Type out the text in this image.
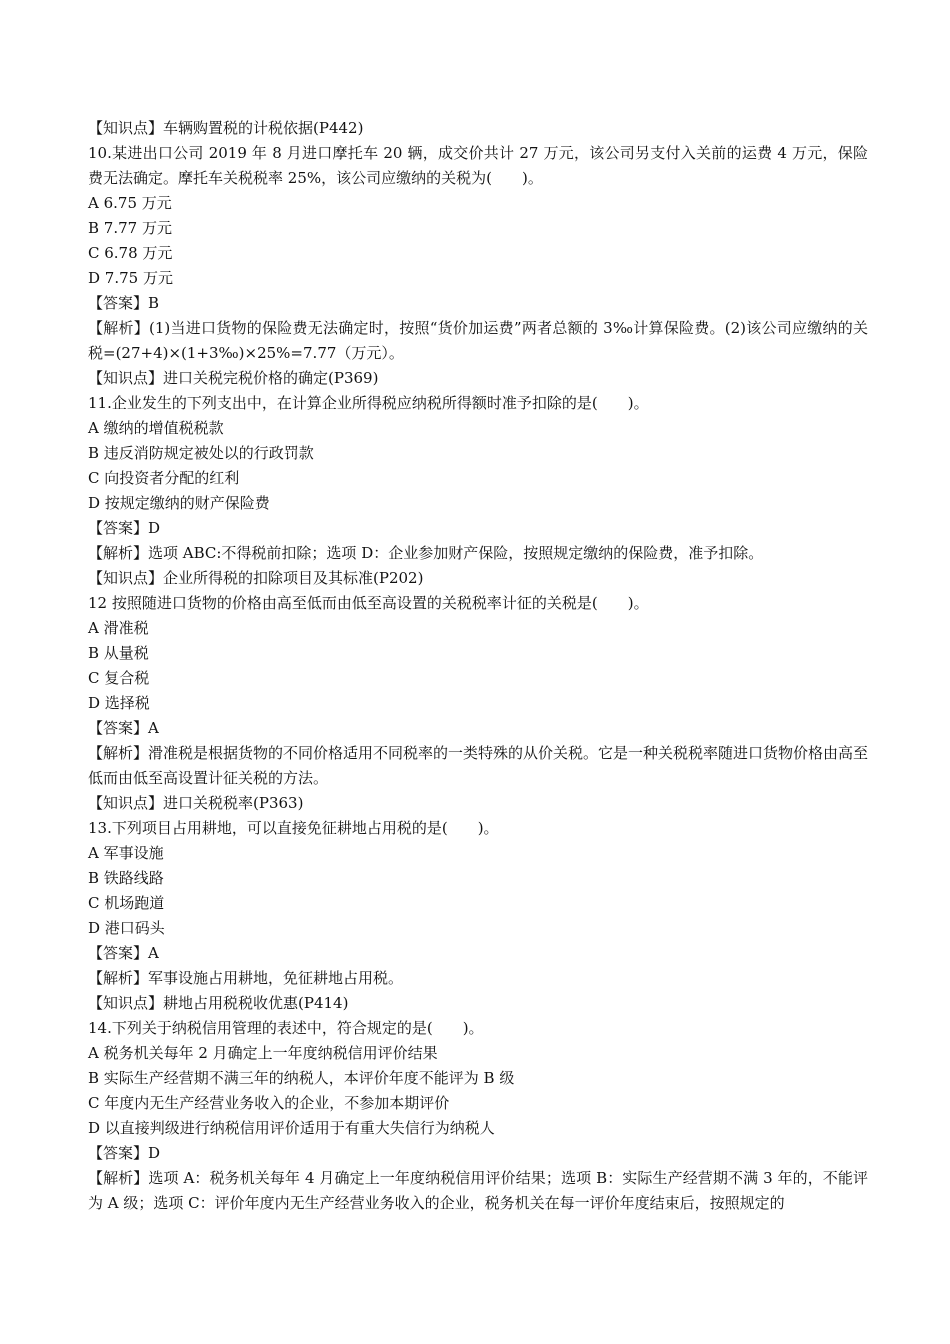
【知识点】车辆购置税的计税依据(P442)

10.某进出口公司 2019 年 8 月进口摩托车 20 辆，成交价共计 27 万元，该公司另支付入关前的运费 4 万元，保险费无法确定。摩托车关税税率 25%，该公司应缴纳的关税为(　　)。

A 6.75 万元

B 7.77 万元

C 6.78 万元

D 7.75 万元

【答案】B

【解析】(1)当进口货物的保险费无法确定时，按照“货价加运费”两者总额的 3‰计算保险费。(2)该公司应缴纳的关税=(27+4)×(1+3‰)×25%=7.77（万元）。

【知识点】进口关税完税价格的确定(P369)

11.企业发生的下列支出中，在计算企业所得税应纳税所得额时准予扣除的是(　　)。

A 缴纳的增值税税款

B 违反消防规定被处以的行政罚款

C 向投资者分配的红利

D 按规定缴纳的财产保险费

【答案】D

【解析】选项 ABC:不得税前扣除；选项 D：企业参加财产保险，按照规定缴纳的保险费，准予扣除。

【知识点】企业所得税的扣除项目及其标准(P202)

12 按照随进口货物的价格由高至低而由低至高设置的关税税率计征的关税是(　　)。

A 滑准税

B 从量税

C 复合税

D 选择税

【答案】A

【解析】滑准税是根据货物的不同价格适用不同税率的一类特殊的从价关税。它是一种关税税率随进口货物价格由高至低而由低至高设置计征关税的方法。

【知识点】进口关税税率(P363)

13.下列项目占用耕地，可以直接免征耕地占用税的是(　　)。

A 军事设施

B 铁路线路

C 机场跑道

D 港口码头

【答案】A

【解析】军事设施占用耕地，免征耕地占用税。

【知识点】耕地占用税税收优惠(P414)

14.下列关于纳税信用管理的表述中，符合规定的是(　　)。

A 税务机关每年 2 月确定上一年度纳税信用评价结果

B 实际生产经营期不满三年的纳税人，本评价年度不能评为 B 级

C 年度内无生产经营业务收入的企业，不参加本期评价

D 以直接判级进行纳税信用评价适用于有重大失信行为纳税人

【答案】D

【解析】选项 A：税务机关每年 4 月确定上一年度纳税信用评价结果；选项 B：实际生产经营期不满 3 年的，不能评为 A 级；选项 C：评价年度内无生产经营业务收入的企业，税务机关在每一评价年度结束后，按照规定的
